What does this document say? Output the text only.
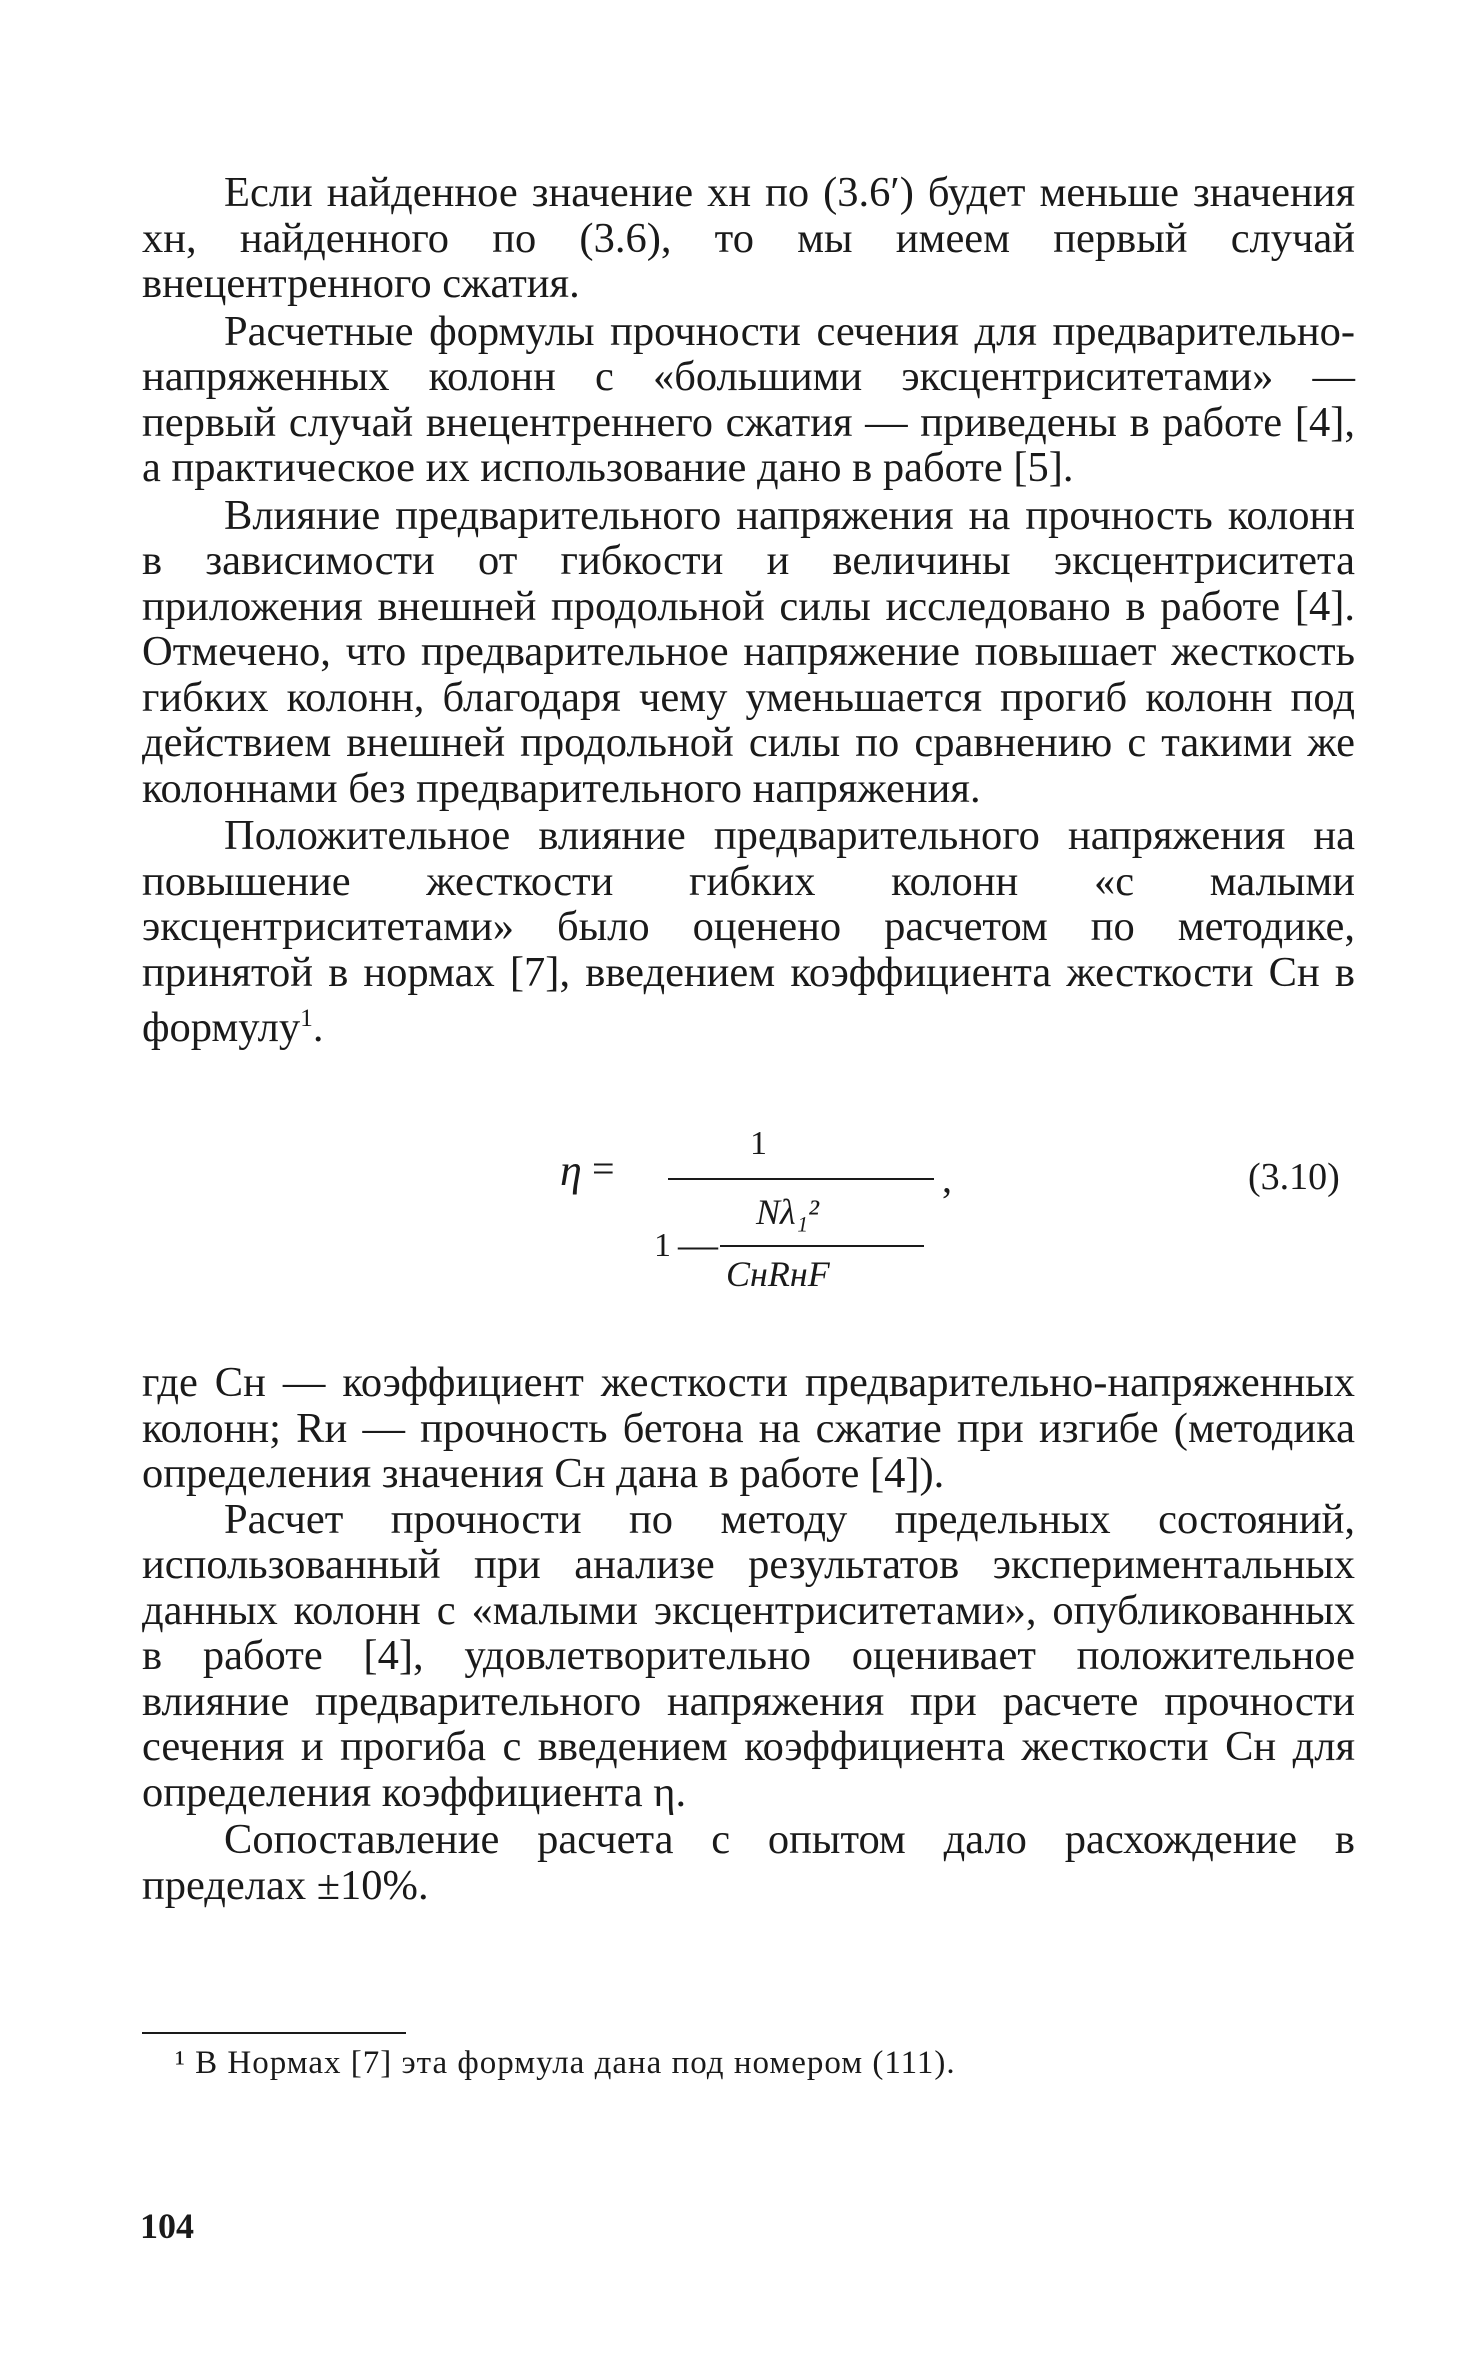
Если найденное значение xн по (3.6′) будет меньше значения xн, найденного по (3.6), то мы имеем первый случай внецентренного сжатия.

Расчетные формулы прочности сечения для предварительно-напряженных колонн с «большими эксцентриситетами» — первый случай внецентреннего сжатия — приведены в работе [4], а практическое их использование дано в работе [5].

Влияние предварительного напряжения на прочность колонн в зависимости от гибкости и величины эксцентриситета приложения внешней продольной силы исследовано в работе [4]. Отмечено, что предварительное напряжение повышает жесткость гибких колонн, благодаря чему уменьшается прогиб колонн под действием внешней продольной силы по сравнению с такими же колоннами без предварительного напряжения.

Положительное влияние предварительного напряжения на повышение жесткости гибких колонн «с малыми эксцентриситетами» было оценено расчетом по методике, принятой в нормах [7], введением коэффициента жесткости Cн в формулу$^1$.

η =
1
,
1 —
Nλ₁²
CнRнF
(3.10)

где Cн — коэффициент жесткости предварительно-напряженных колонн; Rи — прочность бетона на сжатие при изгибе (методика определения значения Cн дана в работе [4]).

Расчет прочности по методу предельных состояний, использованный при анализе результатов экспериментальных данных колонн с «малыми эксцентриситетами», опубликованных в работе [4], удовлетворительно оценивает положительное влияние предварительного напряжения при расчете прочности сечения и прогиба с введением коэффициента жесткости Cн для определения коэффициента η.

Сопоставление расчета с опытом дало расхождение в пределах ±10%.

¹ В Нормах [7] эта формула дана под номером (111).
104
